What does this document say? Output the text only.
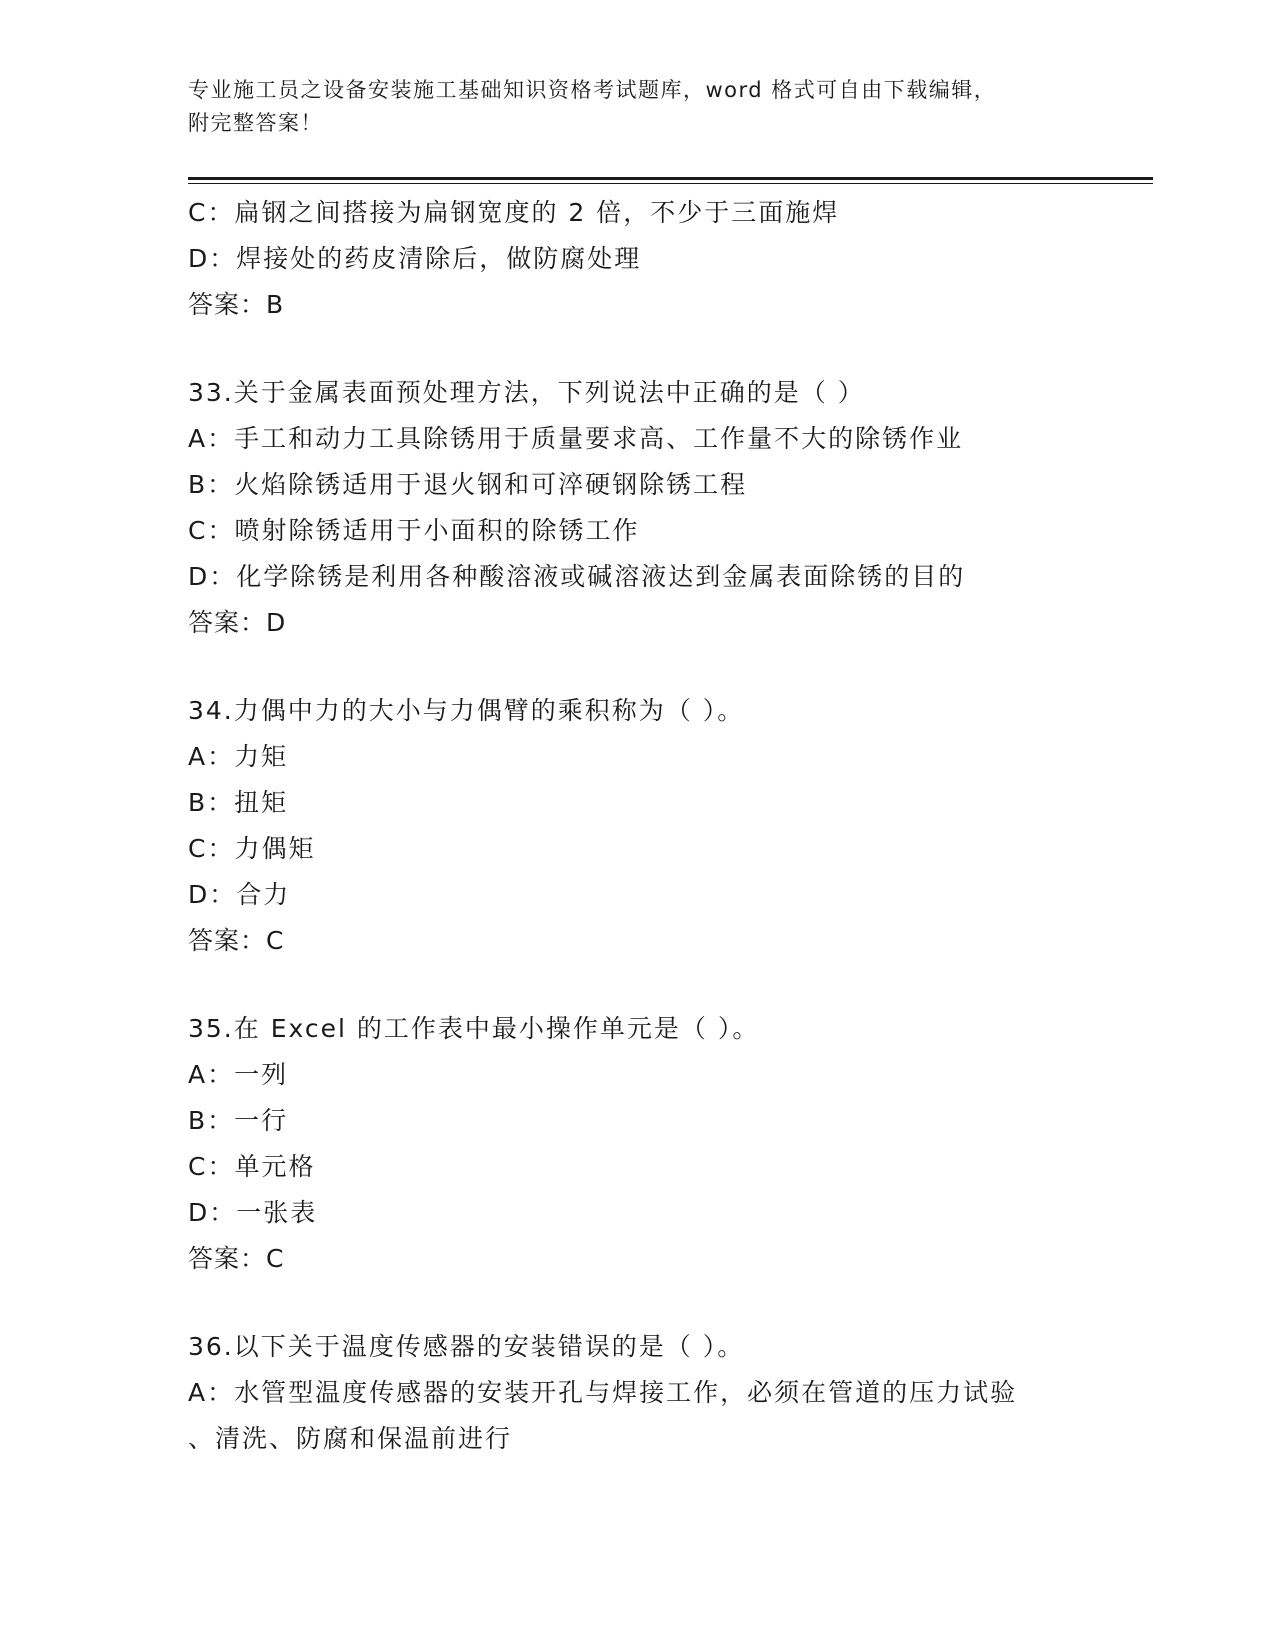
专业施工员之设备安装施工基础知识资格考试题库，word 格式可自由下载编辑，
附完整答案！
C：扁钢之间搭接为扁钢宽度的 2 倍，不少于三面施焊
D：焊接处的药皮清除后，做防腐处理
答案：B
33.关于金属表面预处理方法，下列说法中正确的是（ ）
A：手工和动力工具除锈用于质量要求高、工作量不大的除锈作业
B：火焰除锈适用于退火钢和可淬硬钢除锈工程
C：喷射除锈适用于小面积的除锈工作
D：化学除锈是利用各种酸溶液或碱溶液达到金属表面除锈的目的
答案：D
34.力偶中力的大小与力偶臂的乘积称为（ ）。
A：力矩
B：扭矩
C：力偶矩
D：合力
答案：C
35.在 Excel 的工作表中最小操作单元是（ ）。
A：一列
B：一行
C：单元格
D：一张表
答案：C
36.以下关于温度传感器的安装错误的是（ ）。
A：水管型温度传感器的安装开孔与焊接工作，必须在管道的压力试验
、清洗、防腐和保温前进行
